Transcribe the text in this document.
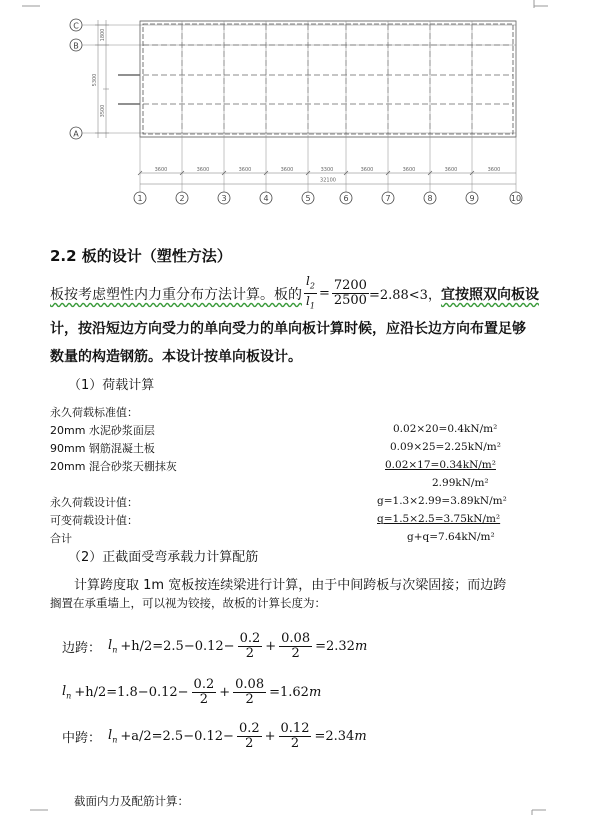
C
B
A
1800
5300
3500
3600	3600	3600	3600	3300	3600	3600	3600	3600
32100
1	2	3	4	5	6	7	8	9	10
2.2 板的设计（塑性方法）
板按考虑塑性内力重分布方法计算。板的 $\frac{l_2}{l_1} = \frac{7200}{2500} =2.88<3$， 宜按照双向板设
计，按沿短边方向受力的单向受力的单向板计算时候，应沿长边方向布置足够
数量的构造钢筋。本设计按单向板设计。
（1）荷载计算
永久荷载标准值：
20mm 水泥砂浆面层	0.02×20=0.4kN/m²
90mm 钢筋混凝土板	0.09×25=2.25kN/m²
20mm 混合砂浆天棚抹灰	0.02×17=0.34kN/m²
2.99kN/m²
永久荷载设计值：	g=1.3×2.99=3.89kN/m²
可变荷载设计值：	q=1.5×2.5=3.75kN/m²
合计	g+q=7.64kN/m²
（2）正截面受弯承载力计算配筋
计算跨度取 1m 宽板按连续梁进行计算，由于中间跨板与次梁固接；而边跨
搁置在承重墙上，可以视为铰接，故板的计算长度为：
边跨： $l_n +h/2=2.5-0.12- \frac{0.2}{2} + \frac{0.08}{2} =2.32$ m
$l_n +h/2=1.8-0.12- \frac{0.2}{2} + \frac{0.08}{2} =1.62$ m
中跨： $l_n +a/2=2.5-0.12- \frac{0.2}{2} + \frac{0.12}{2} =2.34$ m
截面内力及配筋计算：
